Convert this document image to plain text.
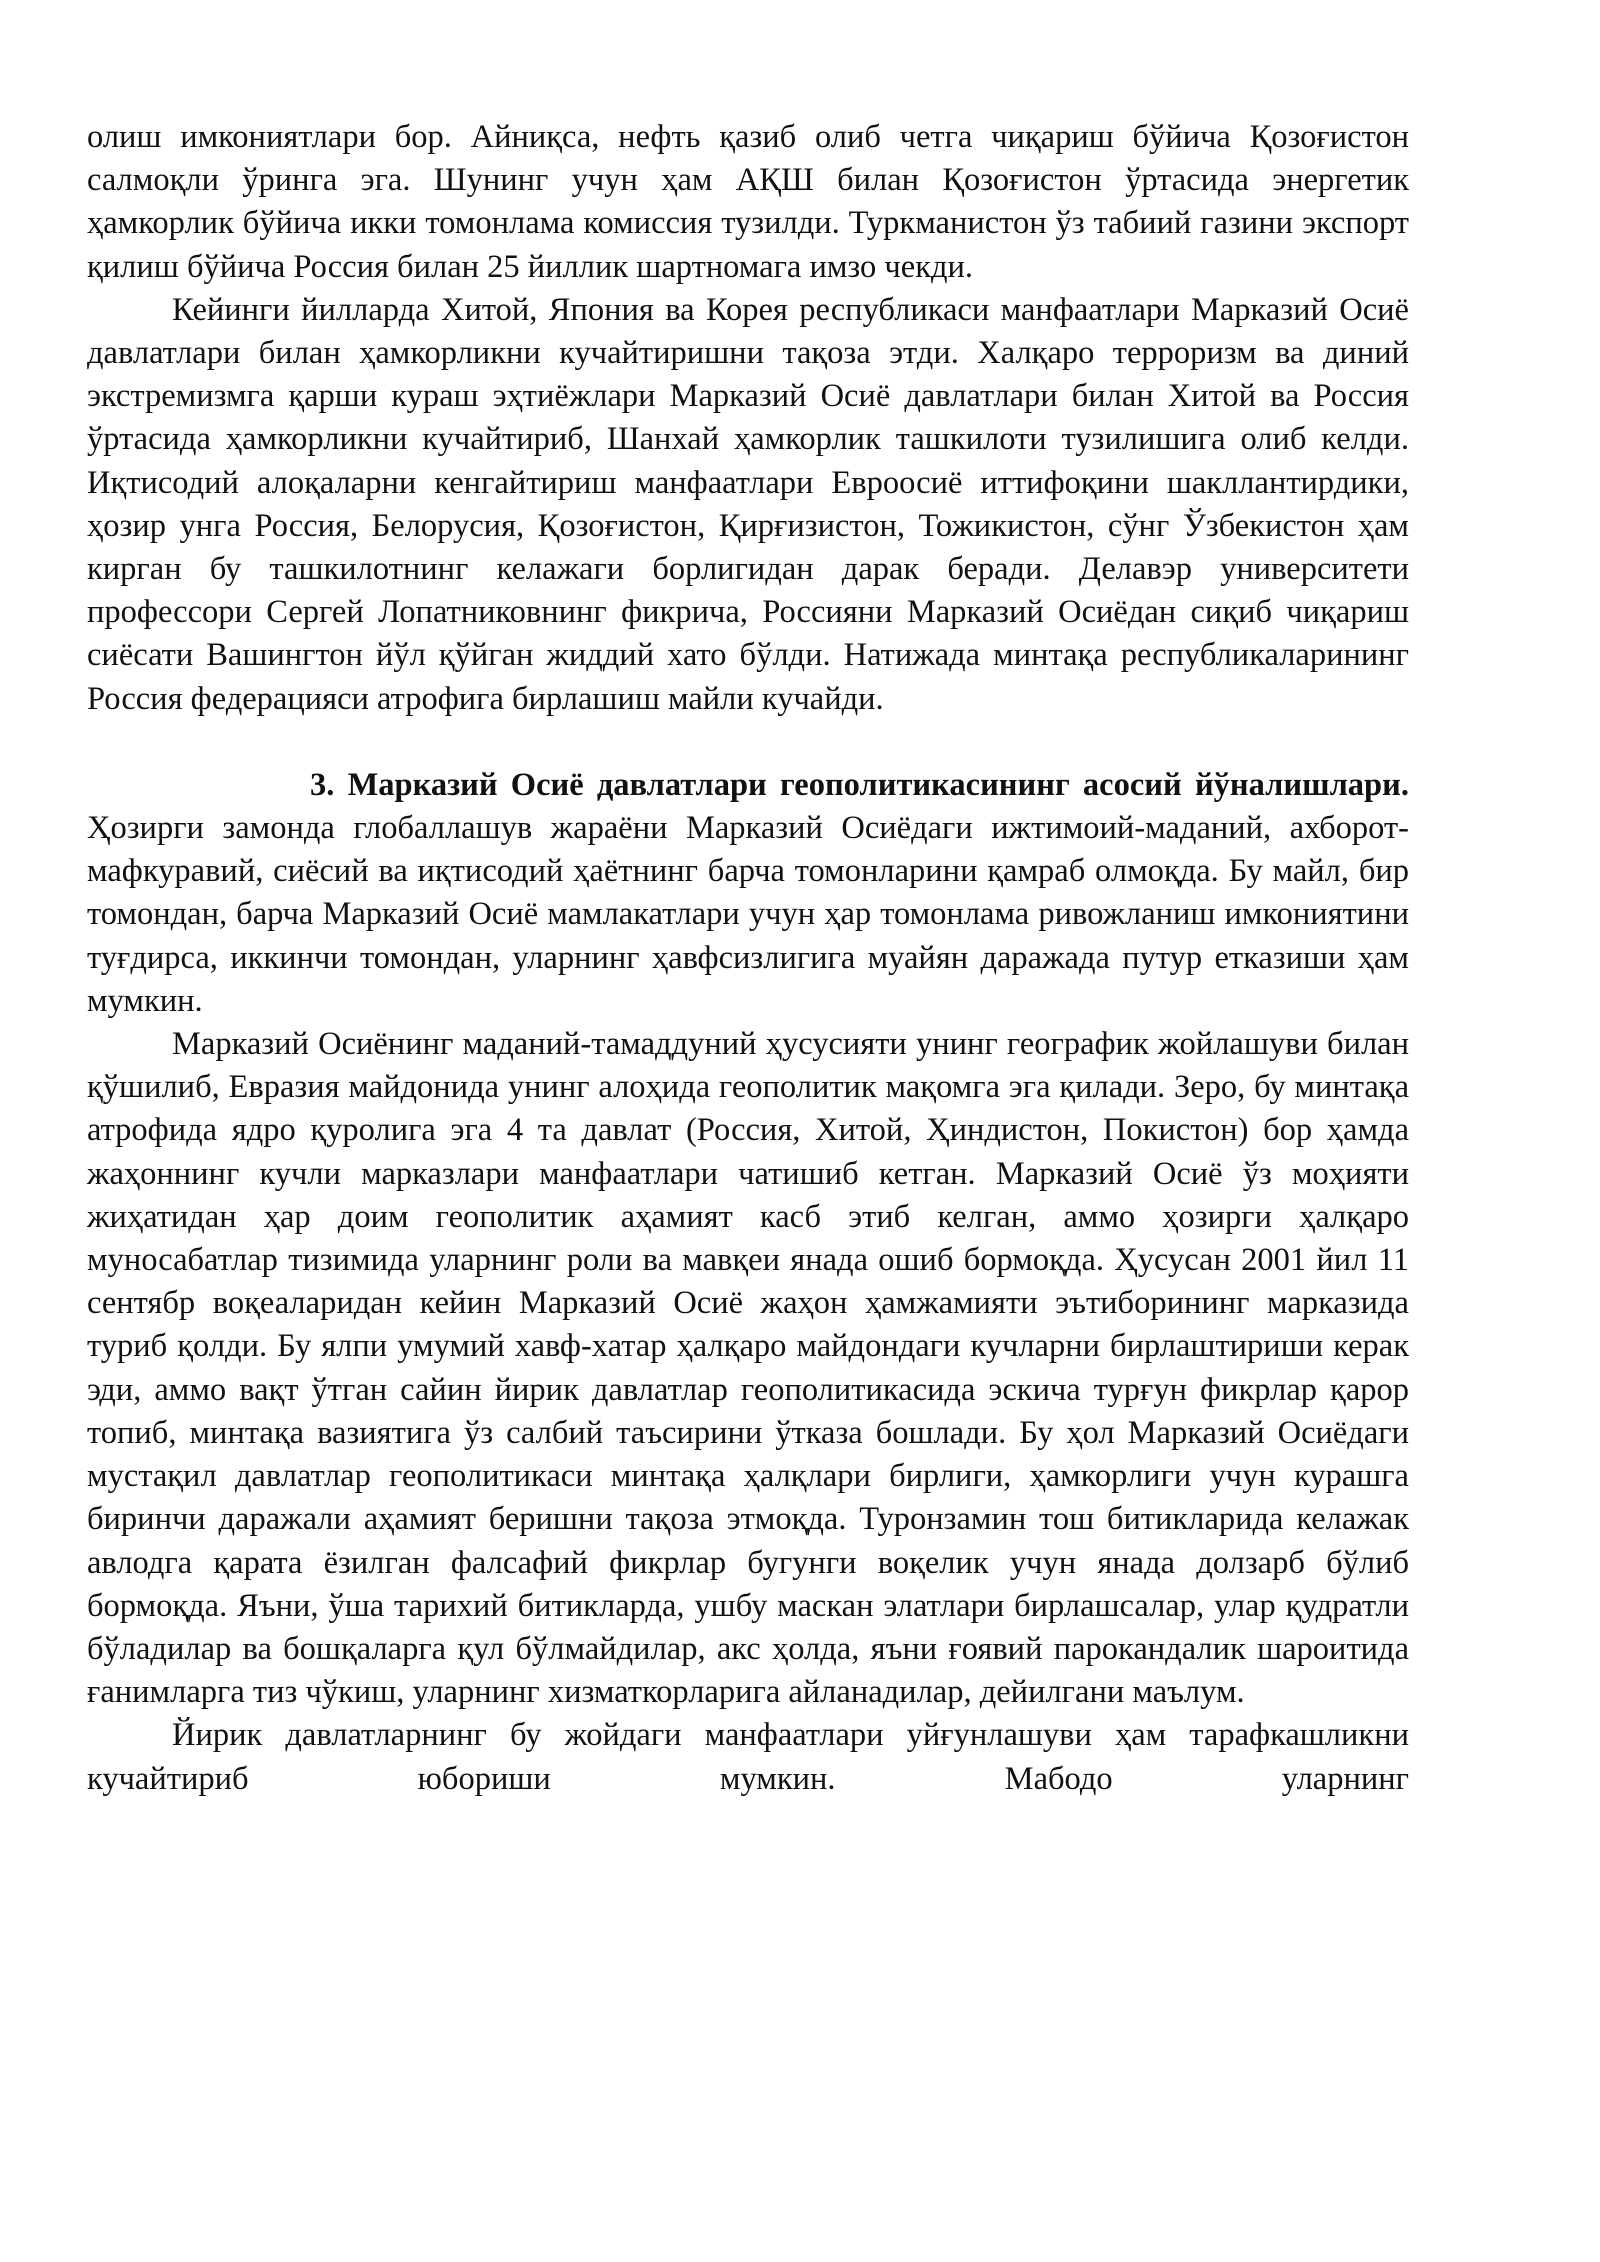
олиш имкониятлари бор. Айниқса, нефть қазиб олиб четга чиқариш бўйича Қозоғистон салмоқли ўринга эга. Шунинг учун ҳам АҚШ билан Қозоғистон ўртасида энергетик ҳамкорлик бўйича икки томонлама комиссия тузилди. Туркманистон ўз табиий газини экспорт қилиш бўйича Россия билан 25 йиллик шартномага имзо чекди.

Кейинги йилларда Хитой, Япония ва Корея республикаси манфаатлари Марказий Осиё давлатлари билан ҳамкорликни кучайтиришни тақоза этди. Халқаро терроризм ва диний экстремизмга қарши кураш эҳтиёжлари Марказий Осиё давлатлари билан Хитой ва Россия ўртасида ҳамкорликни кучайтириб, Шанхай ҳамкорлик ташкилоти тузилишига олиб келди. Иқтисодий алоқаларни кенгайтириш манфаатлари Евроосиё иттифоқини шакллантирдики, ҳозир унга Россия, Белорусия, Қозоғистон, Қирғизистон, Тожикистон, сўнг Ўзбекистон ҳам кирган бу ташкилотнинг келажаги борлигидан дарак беради. Делавэр университети профессори Сергей Лопатниковнинг фикрича, Россияни Марказий Осиёдан сиқиб чиқариш сиёсати Вашингтон йўл қўйган жиддий хато бўлди. Натижада минтақа республикаларининг Россия федерацияси атрофига бирлашиш майли кучайди.

3. Марказий Осиё давлатлари геополитикасининг асосий йўналишлари. Ҳозирги замонда глобаллашув жараёни Марказий Осиёдаги ижтимоий-маданий, ахборот-мафкуравий, сиёсий ва иқтисодий ҳаётнинг барча томонларини қамраб олмоқда. Бу майл, бир томондан, барча Марказий Осиё мамлакатлари учун ҳар томонлама ривожланиш имкониятини туғдирса, иккинчи томондан, уларнинг ҳавфсизлигига муайян даражада путур етказиши ҳам мумкин.

Марказий Осиёнинг маданий-тамаддуний ҳусусияти унинг географик жойлашуви билан қўшилиб, Евразия майдонида унинг алоҳида геополитик мақомга эга қилади. Зеро, бу минтақа атрофида ядро қуролига эга 4 та давлат (Россия, Хитой, Ҳиндистон, Покистон) бор ҳамда жаҳоннинг кучли марказлари манфаатлари чатишиб кетган. Марказий Осиё ўз моҳияти жиҳатидан ҳар доим геополитик аҳамият касб этиб келган, аммо ҳозирги ҳалқаро муносабатлар тизимида уларнинг роли ва мавқеи янада ошиб бормоқда. Ҳусусан 2001 йил 11 сентябр воқеаларидан кейин Марказий Осиё жаҳон ҳамжамияти эътиборининг марказида туриб қолди. Бу ялпи умумий хавф-хатар ҳалқаро майдондаги кучларни бирлаштириши керак эди, аммо вақт ўтган сайин йирик давлатлар геополитикасида эскича турғун фикрлар қарор топиб, минтақа вазиятига ўз салбий таъсирини ўтказа бошлади. Бу ҳол Марказий Осиёдаги мустақил давлатлар геополитикаси минтақа ҳалқлари бирлиги, ҳамкорлиги учун курашга биринчи даражали аҳамият беришни тақоза этмоқда. Туронзамин тош битикларида келажак авлодга қарата ёзилган фалсафий фикрлар бугунги воқелик учун янада долзарб бўлиб бормоқда. Яъни, ўша тарихий битикларда, ушбу маскан элатлари бирлашсалар, улар қудратли бўладилар ва бошқаларга қул бўлмайдилар, акс ҳолда, яъни ғоявий парокандалик шароитида ғанимларга тиз чўкиш, уларнинг хизматкорларига айланадилар, дейилгани маълум.

Йирик давлатларнинг бу жойдаги манфаатлари уйғунлашуви ҳам тарафкашликни кучайтириб юбориши мумкин. Мабодо уларнинг
